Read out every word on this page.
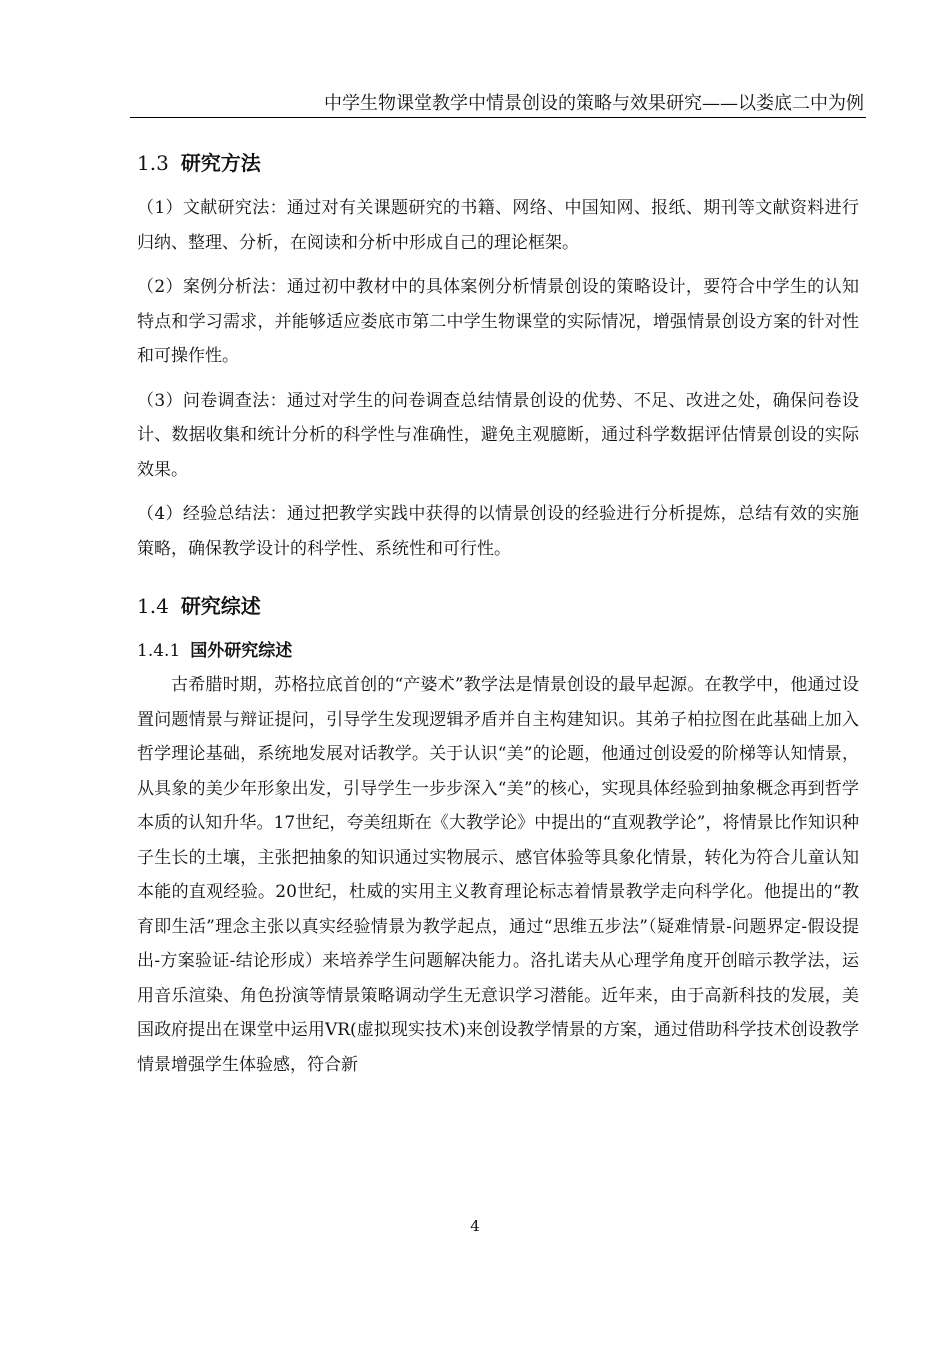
中学生物课堂教学中情景创设的策略与效果研究——以娄底二中为例
1.3 研究方法

（1）文献研究法：通过对有关课题研究的书籍、网络、中国知网、报纸、期刊等文献资料进行归纳、整理、分析，在阅读和分析中形成自己的理论框架。

（2）案例分析法：通过初中教材中的具体案例分析情景创设的策略设计，要符合中学生的认知特点和学习需求，并能够适应娄底市第二中学生物课堂的实际情况，增强情景创设方案的针对性和可操作性。

（3）问卷调查法：通过对学生的问卷调查总结情景创设的优势、不足、改进之处，确保问卷设计、数据收集和统计分析的科学性与准确性，避免主观臆断，通过科学数据评估情景创设的实际效果。

（4）经验总结法：通过把教学实践中获得的以情景创设的经验进行分析提炼，总结有效的实施策略，确保教学设计的科学性、系统性和可行性。

1.4 研究综述
1.4.1 国外研究综述

古希腊时期，苏格拉底首创的“产婆术”教学法是情景创设的最早起源。在教学中，他通过设置问题情景与辩证提问，引导学生发现逻辑矛盾并自主构建知识。其弟子柏拉图在此基础上加入哲学理论基础，系统地发展对话教学。关于认识“美”的论题，他通过创设爱的阶梯等认知情景，从具象的美少年形象出发，引导学生一步步深入“美”的核心，实现具体经验到抽象概念再到哲学本质的认知升华。17世纪，夸美纽斯在《大教学论》中提出的“直观教学论”，将情景比作知识种子生长的土壤，主张把抽象的知识通过实物展示、感官体验等具象化情景，转化为符合儿童认知本能的直观经验。20世纪，杜威的实用主义教育理论标志着情景教学走向科学化。他提出的“教育即生活”理念主张以真实经验情景为教学起点，通过“思维五步法”（疑难情景-问题界定-假设提出-方案验证-结论形成）来培养学生问题解决能力。洛扎诺夫从心理学角度开创暗示教学法，运用音乐渲染、角色扮演等情景策略调动学生无意识学习潜能。近年来，由于高新科技的发展，美国政府提出在课堂中运用VR(虚拟现实技术)来创设教学情景的方案，通过借助科学技术创设教学情景增强学生体验感，符合新

4
